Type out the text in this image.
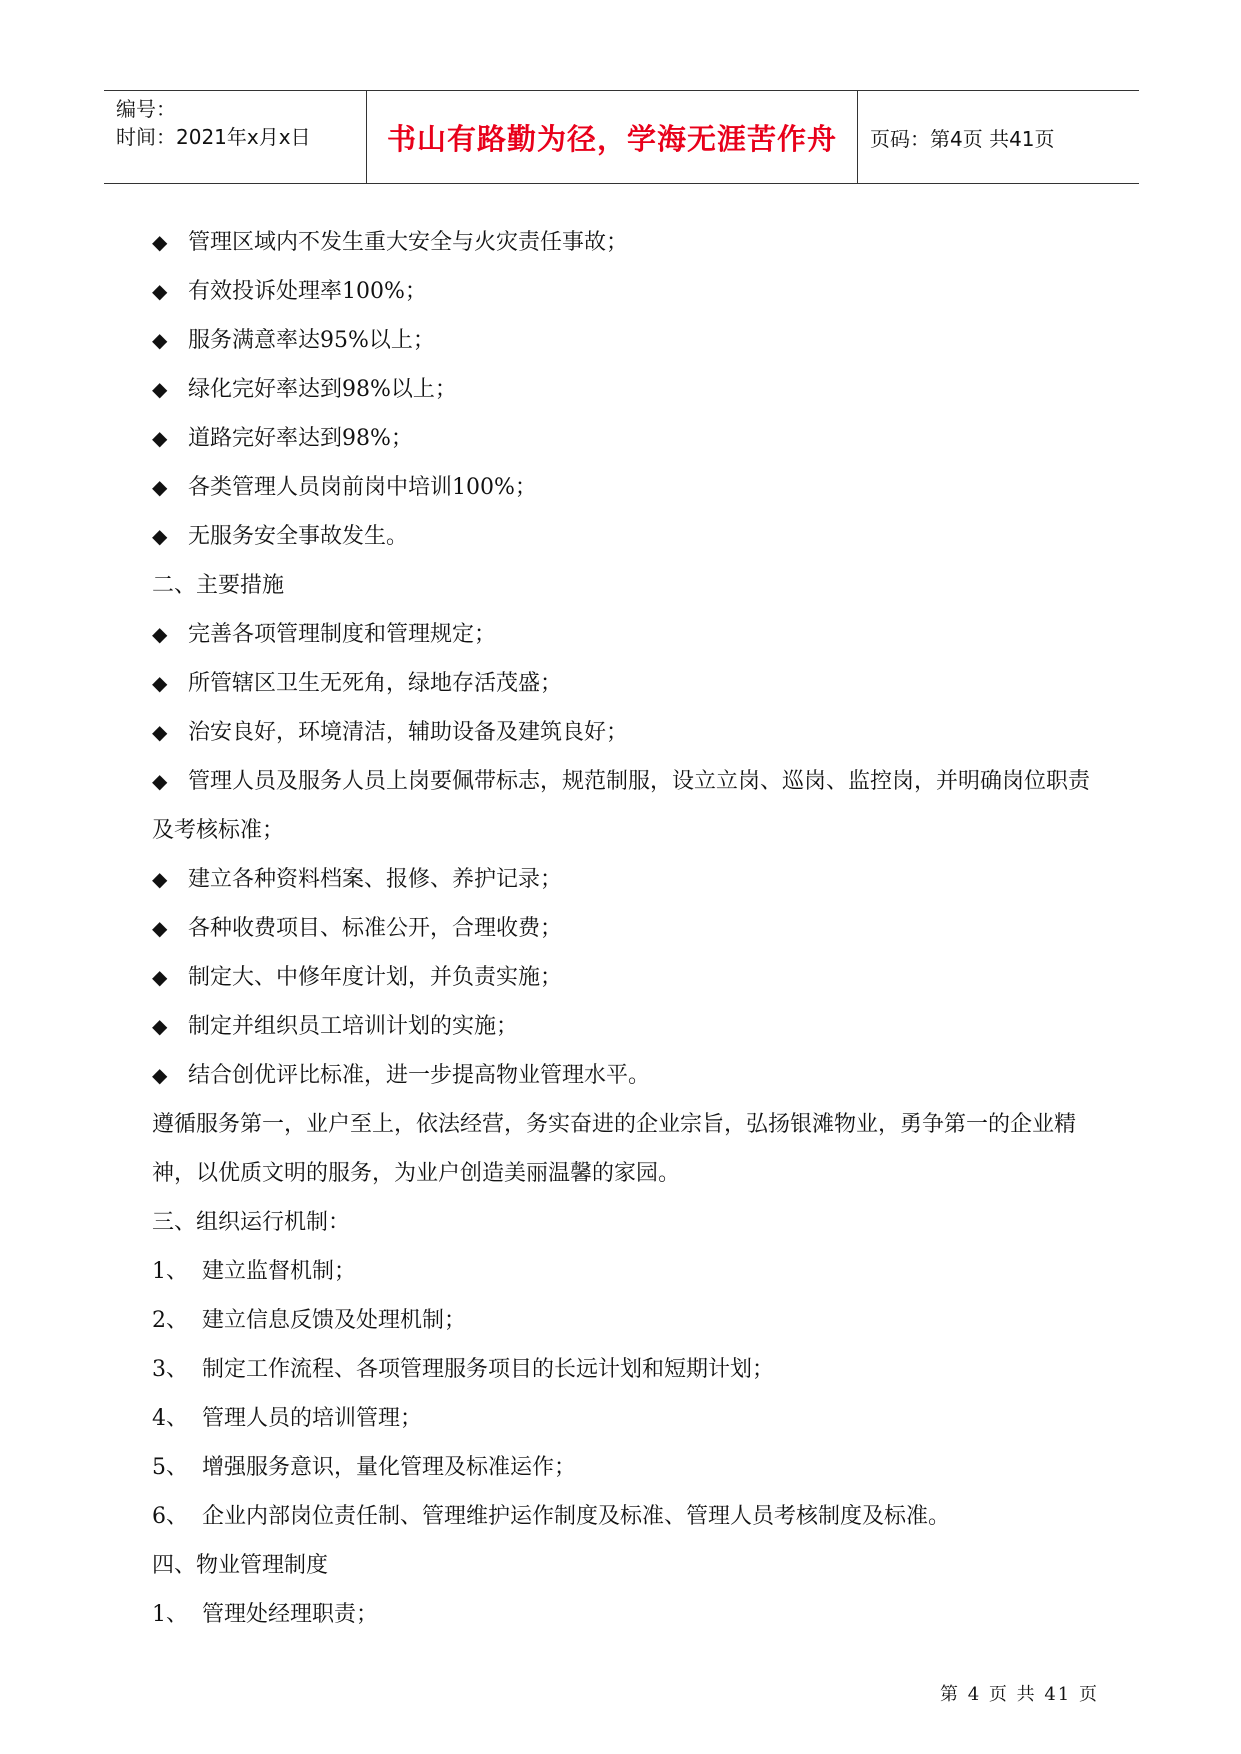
编号：
时间：2021年x月x日	书山有路勤为径，学海无涯苦作舟	页码：第4页 共41页
◆ 管理区域内不发生重大安全与火灾责任事故；
◆ 有效投诉处理率100%；
◆ 服务满意率达95%以上；
◆ 绿化完好率达到98%以上；
◆ 道路完好率达到98%；
◆ 各类管理人员岗前岗中培训100%；
◆ 无服务安全事故发生。
二、主要措施
◆ 完善各项管理制度和管理规定；
◆ 所管辖区卫生无死角，绿地存活茂盛；
◆ 治安良好，环境清洁，辅助设备及建筑良好；
◆ 管理人员及服务人员上岗要佩带标志，规范制服，设立立岗、巡岗、监控岗，并明确岗位职责及考核标准；
◆ 建立各种资料档案、报修、养护记录；
◆ 各种收费项目、标准公开，合理收费；
◆ 制定大、中修年度计划，并负责实施；
◆ 制定并组织员工培训计划的实施；
◆ 结合创优评比标准，进一步提高物业管理水平。
遵循服务第一，业户至上，依法经营，务实奋进的企业宗旨，弘扬银滩物业，勇争第一的企业精神，以优质文明的服务，为业户创造美丽温馨的家园。
三、组织运行机制：
1、 建立监督机制；
2、 建立信息反馈及处理机制；
3、 制定工作流程、各项管理服务项目的长远计划和短期计划；
4、 管理人员的培训管理；
5、 增强服务意识，量化管理及标准运作；
6、 企业内部岗位责任制、管理维护运作制度及标准、管理人员考核制度及标准。
四、物业管理制度
1、 管理处经理职责；
第 4 页 共 41 页
